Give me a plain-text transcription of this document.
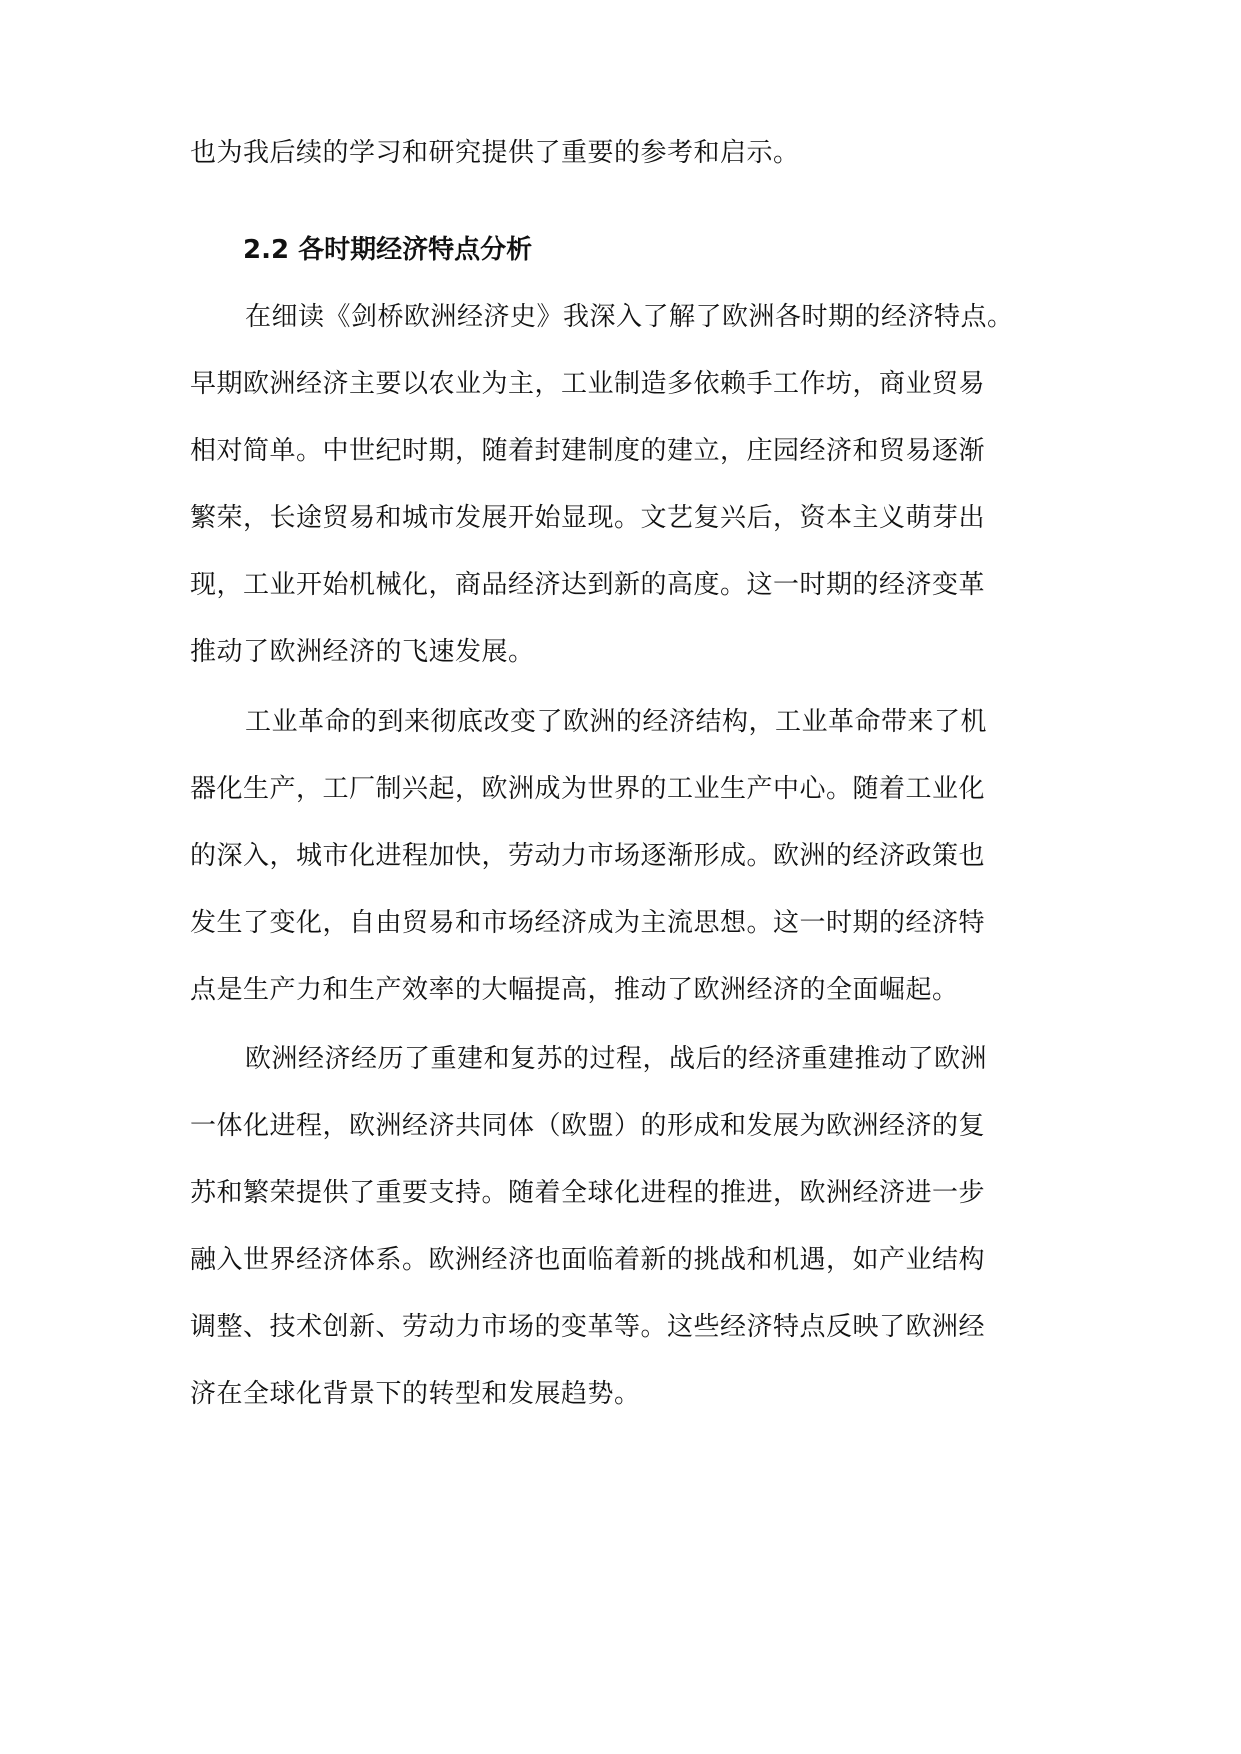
也为我后续的学习和研究提供了重要的参考和启示。
2.2 各时期经济特点分析
在细读《剑桥欧洲经济史》我深入了解了欧洲各时期的经济特点。
早期欧洲经济主要以农业为主，工业制造多依赖手工作坊，商业贸易
相对简单。中世纪时期，随着封建制度的建立，庄园经济和贸易逐渐
繁荣，长途贸易和城市发展开始显现。文艺复兴后，资本主义萌芽出
现，工业开始机械化，商品经济达到新的高度。这一时期的经济变革
推动了欧洲经济的飞速发展。
工业革命的到来彻底改变了欧洲的经济结构，工业革命带来了机
器化生产，工厂制兴起，欧洲成为世界的工业生产中心。随着工业化
的深入，城市化进程加快，劳动力市场逐渐形成。欧洲的经济政策也
发生了变化，自由贸易和市场经济成为主流思想。这一时期的经济特
点是生产力和生产效率的大幅提高，推动了欧洲经济的全面崛起。
欧洲经济经历了重建和复苏的过程，战后的经济重建推动了欧洲
一体化进程，欧洲经济共同体（欧盟）的形成和发展为欧洲经济的复
苏和繁荣提供了重要支持。随着全球化进程的推进，欧洲经济进一步
融入世界经济体系。欧洲经济也面临着新的挑战和机遇，如产业结构
调整、技术创新、劳动力市场的变革等。这些经济特点反映了欧洲经
济在全球化背景下的转型和发展趋势。
